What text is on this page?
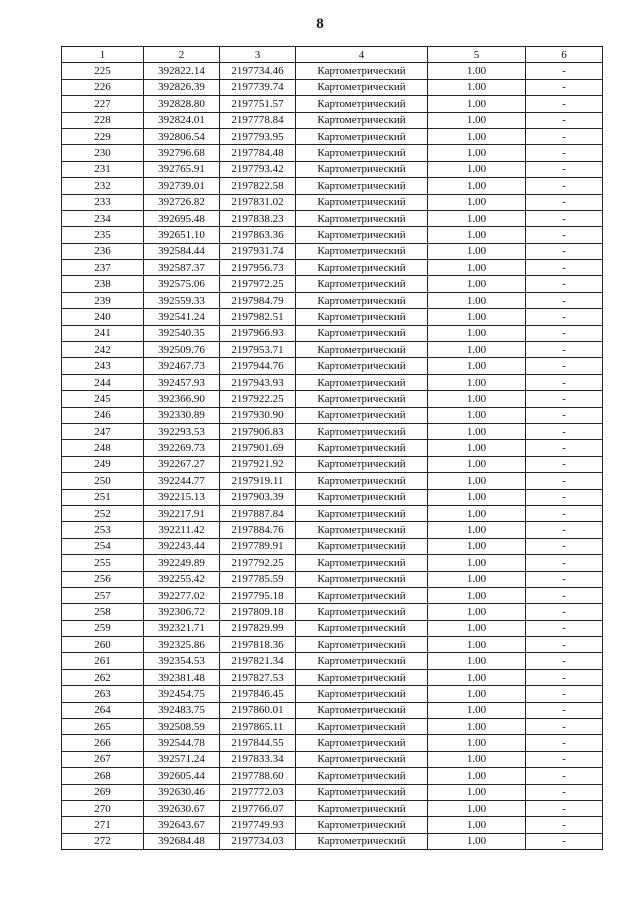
8
1	2	3	4	5	6
225	392822.14	2197734.46	Картометрический	1.00	-
226	392826.39	2197739.74	Картометрический	1.00	-
227	392828.80	2197751.57	Картометрический	1.00	-
228	392824.01	2197778.84	Картометрический	1.00	-
229	392806.54	2197793.95	Картометрический	1.00	-
230	392796.68	2197784.48	Картометрический	1.00	-
231	392765.91	2197793.42	Картометрический	1.00	-
232	392739.01	2197822.58	Картометрический	1.00	-
233	392726.82	2197831.02	Картометрический	1.00	-
234	392695.48	2197838.23	Картометрический	1.00	-
235	392651.10	2197863.36	Картометрический	1.00	-
236	392584.44	2197931.74	Картометрический	1.00	-
237	392587.37	2197956.73	Картометрический	1.00	-
238	392575.06	2197972.25	Картометрический	1.00	-
239	392559.33	2197984.79	Картометрический	1.00	-
240	392541.24	2197982.51	Картометрический	1.00	-
241	392540.35	2197966.93	Картометрический	1.00	-
242	392509.76	2197953.71	Картометрический	1.00	-
243	392467.73	2197944.76	Картометрический	1.00	-
244	392457.93	2197943.93	Картометрический	1.00	-
245	392366.90	2197922.25	Картометрический	1.00	-
246	392330.89	2197930.90	Картометрический	1.00	-
247	392293.53	2197906.83	Картометрический	1.00	-
248	392269.73	2197901.69	Картометрический	1.00	-
249	392267.27	2197921.92	Картометрический	1.00	-
250	392244.77	2197919.11	Картометрический	1.00	-
251	392215.13	2197903.39	Картометрический	1.00	-
252	392217.91	2197887.84	Картометрический	1.00	-
253	392211.42	2197884.76	Картометрический	1.00	-
254	392243.44	2197789.91	Картометрический	1.00	-
255	392249.89	2197792.25	Картометрический	1.00	-
256	392255.42	2197785.59	Картометрический	1.00	-
257	392277.02	2197795.18	Картометрический	1.00	-
258	392306.72	2197809.18	Картометрический	1.00	-
259	392321.71	2197829.99	Картометрический	1.00	-
260	392325.86	2197818.36	Картометрический	1.00	-
261	392354.53	2197821.34	Картометрический	1.00	-
262	392381.48	2197827.53	Картометрический	1.00	-
263	392454.75	2197846.45	Картометрический	1.00	-
264	392483.75	2197860.01	Картометрический	1.00	-
265	392508.59	2197865.11	Картометрический	1.00	-
266	392544.78	2197844.55	Картометрический	1.00	-
267	392571.24	2197833.34	Картометрический	1.00	-
268	392605.44	2197788.60	Картометрический	1.00	-
269	392630.46	2197772.03	Картометрический	1.00	-
270	392630.67	2197766.07	Картометрический	1.00	-
271	392643.67	2197749.93	Картометрический	1.00	-
272	392684.48	2197734.03	Картометрический	1.00	-
